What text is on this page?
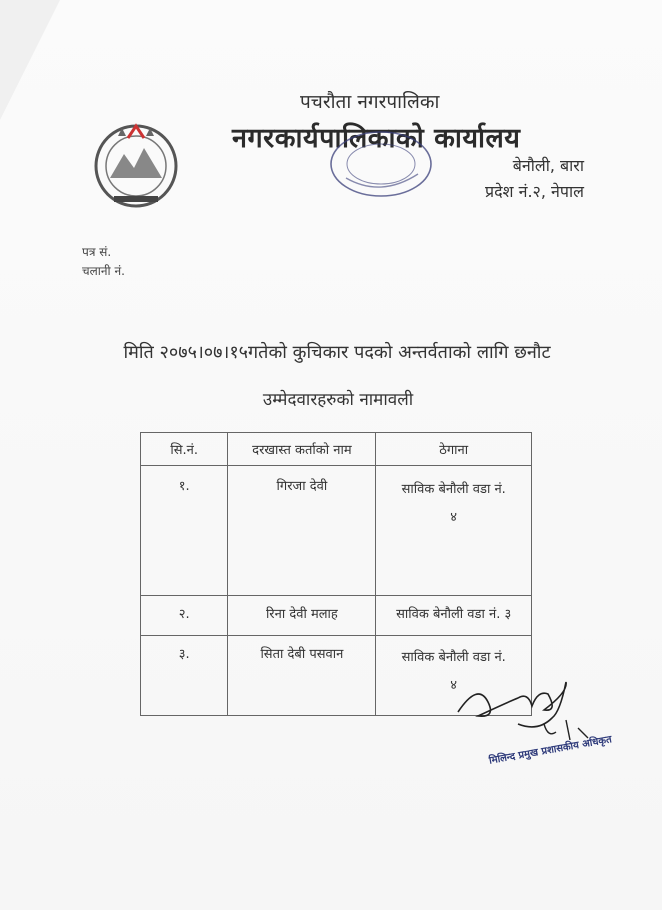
पचरौता नगरपालिका
नगरकार्यपालिकाको कार्यालय
बेनौली, बारा
प्रदेश नं.२, नेपाल
पत्र सं.
चलानी नं.
मिति २०७५।०७।१५गतेको कुचिकार पदको अन्तर्वताको लागि छनौट
उम्मेदवारहरुको नामावली
सि.नं.	दरखास्त कर्ताको नाम	ठेगाना
१.	गिरजा देवी	साविक बेनौली वडा नं.
४

२.	रिना देवी मलाह	साविक बेनौली वडा नं. ३
३.	सिता देबी पसवान	साविक बेनौली वडा नं.
४
मिलिन्द प्रमुख प्रशासकीय अधिकृत
